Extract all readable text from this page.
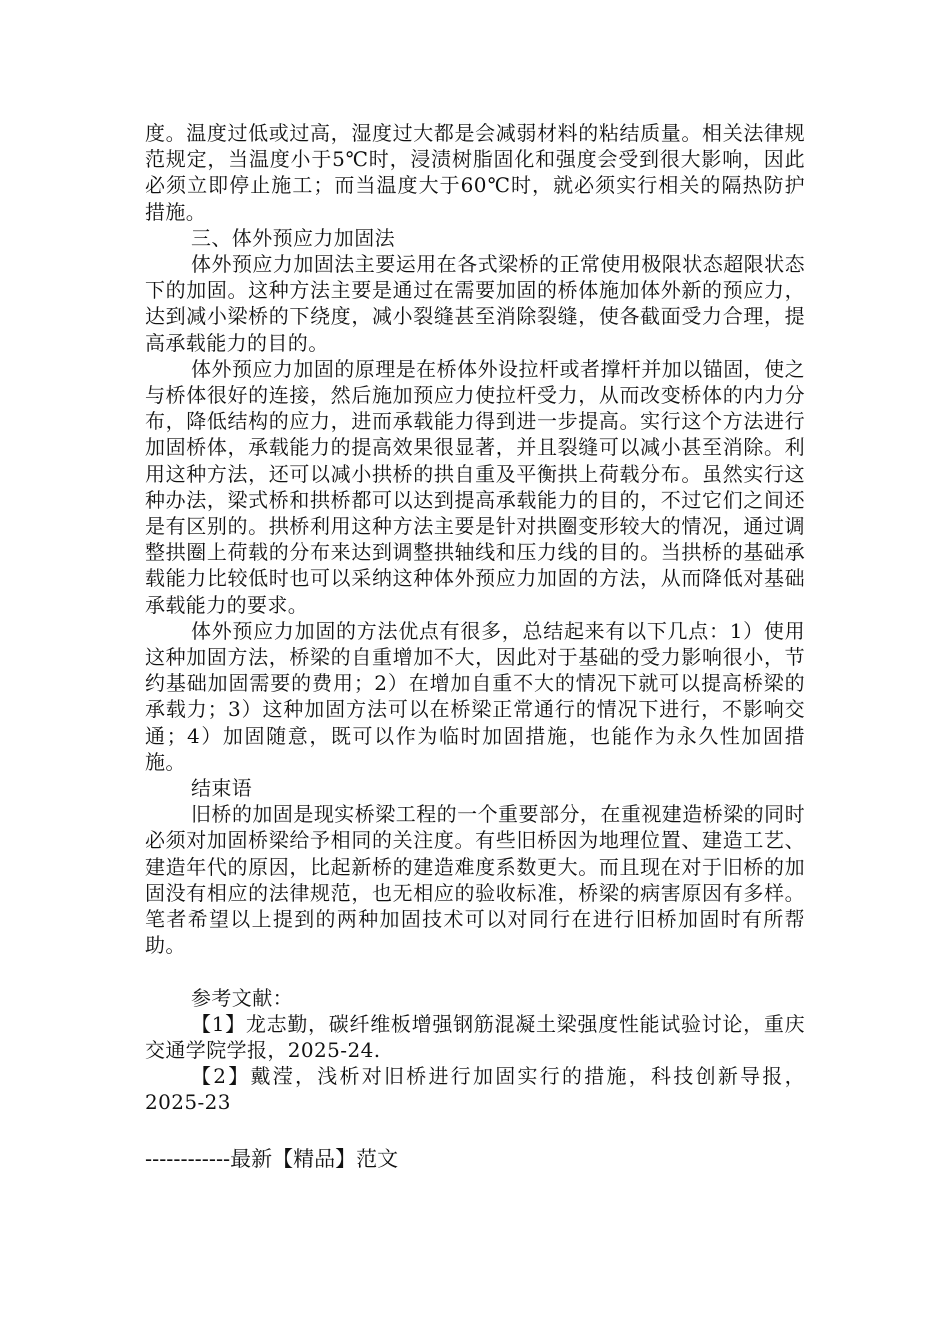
度。温度过低或过高，湿度过大都是会减弱材料的粘结质量。相关法律规范规定，当温度小于5℃时，浸渍树脂固化和强度会受到很大影响，因此必须立即停止施工；而当温度大于60℃时，就必须实行相关的隔热防护措施。

三、体外预应力加固法

体外预应力加固法主要运用在各式梁桥的正常使用极限状态超限状态下的加固。这种方法主要是通过在需要加固的桥体施加体外新的预应力，达到减小梁桥的下绕度，减小裂缝甚至消除裂缝，使各截面受力合理，提高承载能力的目的。

体外预应力加固的原理是在桥体外设拉杆或者撑杆并加以锚固，使之与桥体很好的连接，然后施加预应力使拉杆受力，从而改变桥体的内力分布，降低结构的应力，进而承载能力得到进一步提高。实行这个方法进行加固桥体，承载能力的提高效果很显著，并且裂缝可以减小甚至消除。利用这种方法，还可以减小拱桥的拱自重及平衡拱上荷载分布。虽然实行这种办法，梁式桥和拱桥都可以达到提高承载能力的目的，不过它们之间还是有区别的。拱桥利用这种方法主要是针对拱圈变形较大的情况，通过调整拱圈上荷载的分布来达到调整拱轴线和压力线的目的。当拱桥的基础承载能力比较低时也可以采纳这种体外预应力加固的方法，从而降低对基础承载能力的要求。

体外预应力加固的方法优点有很多，总结起来有以下几点：1）使用这种加固方法，桥梁的自重增加不大，因此对于基础的受力影响很小，节约基础加固需要的费用；2）在增加自重不大的情况下就可以提高桥梁的承载力；3）这种加固方法可以在桥梁正常通行的情况下进行，不影响交通；4）加固随意，既可以作为临时加固措施，也能作为永久性加固措施。

结束语

旧桥的加固是现实桥梁工程的一个重要部分，在重视建造桥梁的同时必须对加固桥梁给予相同的关注度。有些旧桥因为地理位置、建造工艺、建造年代的原因，比起新桥的建造难度系数更大。而且现在对于旧桥的加固没有相应的法律规范，也无相应的验收标准，桥梁的病害原因有多样。笔者希望以上提到的两种加固技术可以对同行在进行旧桥加固时有所帮助。

参考文献：

【1】龙志勤，碳纤维板增强钢筋混凝土梁强度性能试验讨论，重庆交通学院学报，2025-24.

【2】戴滢，浅析对旧桥进行加固实行的措施，科技创新导报，2025-23

------------最新【精品】范文
